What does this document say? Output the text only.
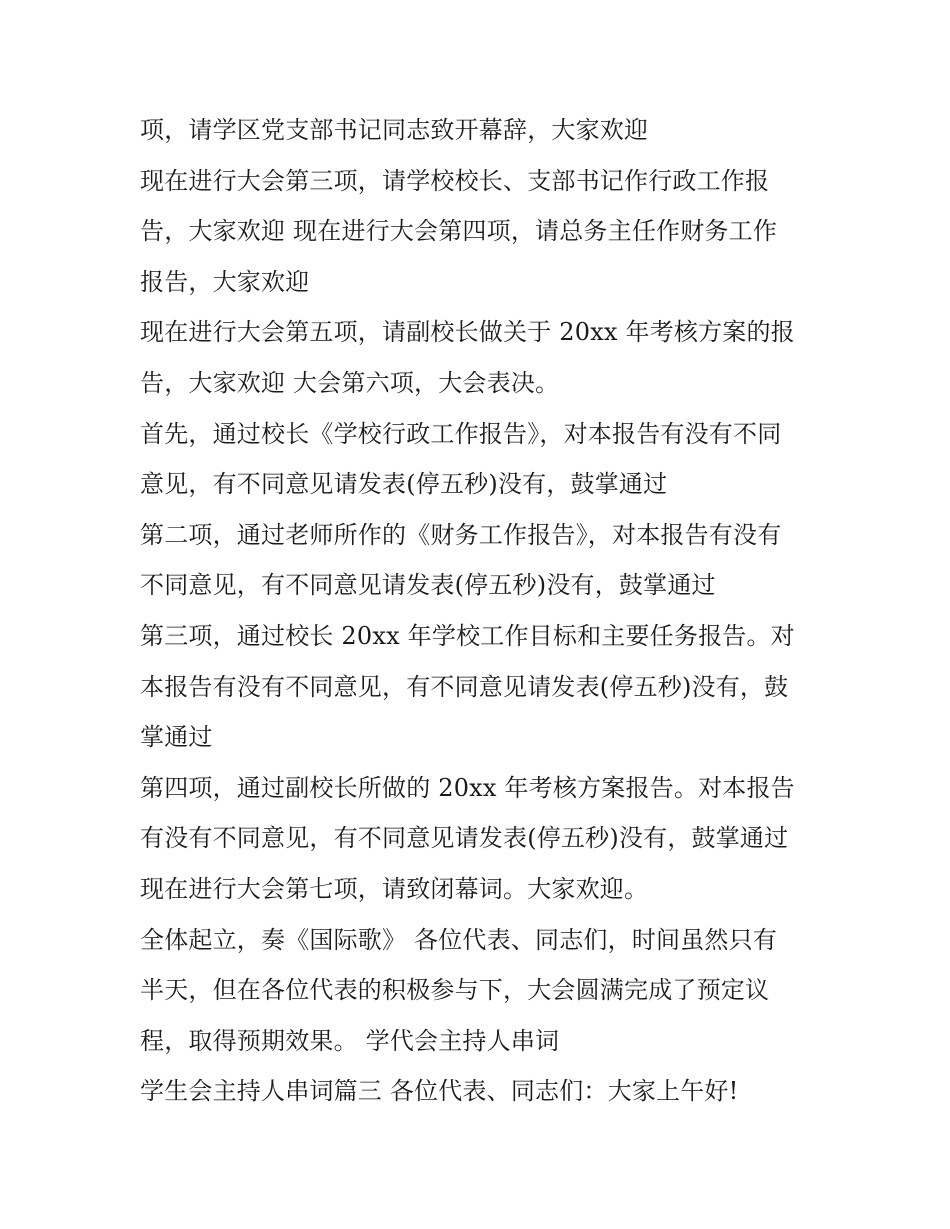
项，请学区党支部书记同志致开幕辞，大家欢迎
现在进行大会第三项，请学校校长、支部书记作行政工作报
告，大家欢迎 现在进行大会第四项，请总务主任作财务工作
报告，大家欢迎
现在进行大会第五项，请副校长做关于 20xx 年考核方案的报
告，大家欢迎 大会第六项，大会表决。
首先，通过校长《学校行政工作报告》，对本报告有没有不同
意见，有不同意见请发表(停五秒)没有，鼓掌通过
第二项，通过老师所作的《财务工作报告》，对本报告有没有
不同意见，有不同意见请发表(停五秒)没有，鼓掌通过
第三项，通过校长 20xx 年学校工作目标和主要任务报告。对
本报告有没有不同意见，有不同意见请发表(停五秒)没有，鼓
掌通过
第四项，通过副校长所做的 20xx 年考核方案报告。对本报告
有没有不同意见，有不同意见请发表(停五秒)没有，鼓掌通过
现在进行大会第七项，请致闭幕词。大家欢迎。
全体起立，奏《国际歌》 各位代表、同志们，时间虽然只有
半天，但在各位代表的积极参与下，大会圆满完成了预定议
程，取得预期效果。 学代会主持人串词
学生会主持人串词篇三 各位代表、同志们：大家上午好!
